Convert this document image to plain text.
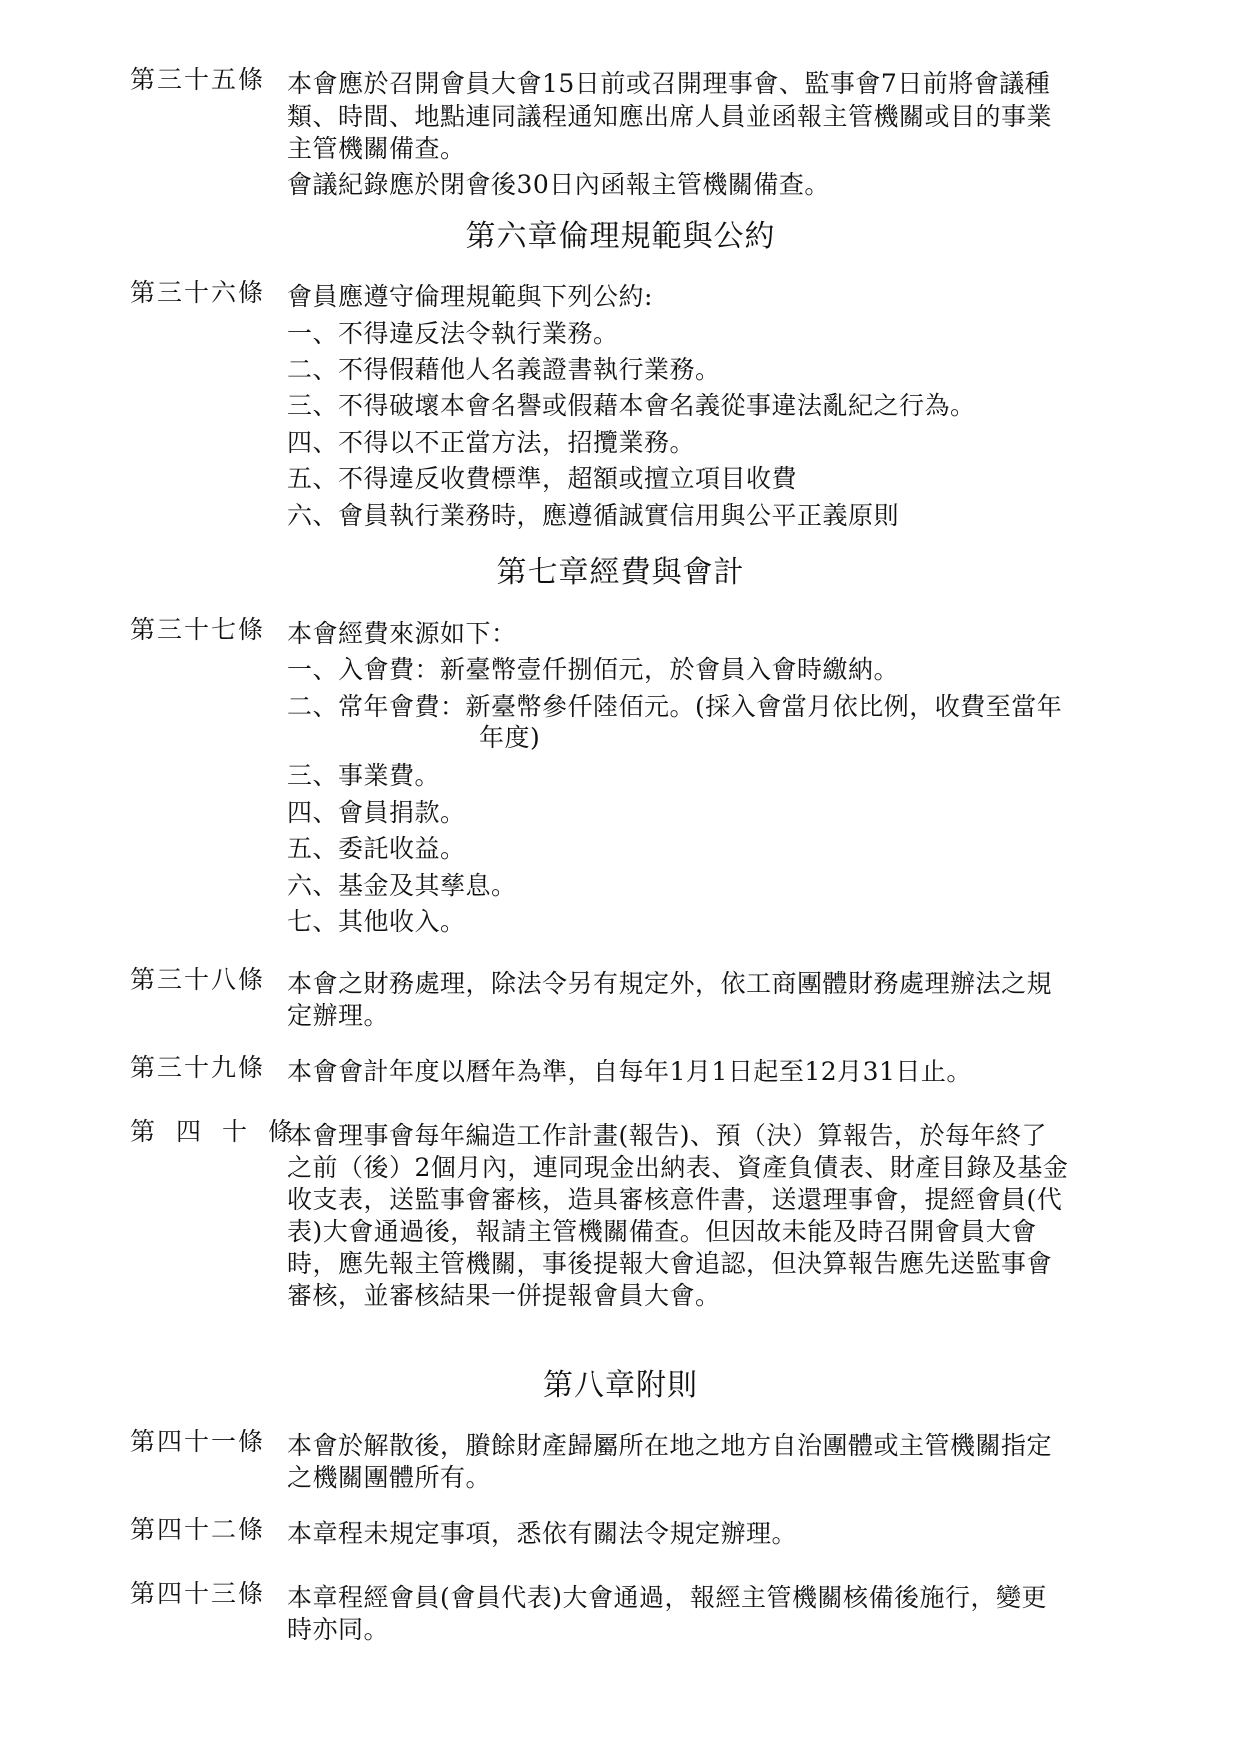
第三十五條 本會應於召開會員大會15日前或召開理事會、監事會7日前將會議種
類、時間、地點連同議程通知應出席人員並函報主管機關或目的事業
主管機關備查。
會議紀錄應於閉會後30日內函報主管機關備查。
第六章倫理規範與公約
第三十六條 會員應遵守倫理規範與下列公約:
一、不得違反法令執行業務。
二、不得假藉他人名義證書執行業務。
三、不得破壞本會名譽或假藉本會名義從事違法亂紀之行為。
四、不得以不正當方法，招攬業務。
五、不得違反收費標準，超額或擅立項目收費
六、會員執行業務時，應遵循誠實信用與公平正義原則
第七章經費與會計
第三十七條 本會經費來源如下：
一、入會費：新臺幣壹仟捌佰元，於會員入會時繳納。
二、常年會費：新臺幣參仟陸佰元。(採入會當月依比例，收費至當年
年度)
三、事業費。
四、會員捐款。
五、委託收益。
六、基金及其孳息。
七、其他收入。
第三十八條 本會之財務處理，除法令另有規定外，依工商團體財務處理辦法之規
定辦理。
第三十九條 本會會計年度以曆年為準，自每年1月1日起至12月31日止。
第四十條
本會理事會每年編造工作計畫(報告)、預（決）算報告，於每年終了
之前（後）2個月內，連同現金出納表、資產負債表、財產目錄及基金
收支表，送監事會審核，造具審核意件書，送還理事會，提經會員(代
表)大會通過後，報請主管機關備查。但因故未能及時召開會員大會
時，應先報主管機關，事後提報大會追認，但決算報告應先送監事會
審核，並審核結果一併提報會員大會。
第八章附則
第四十一條 本會於解散後，賸餘財產歸屬所在地之地方自治團體或主管機關指定
之機關團體所有。
第四十二條 本章程未規定事項，悉依有關法令規定辦理。
第四十三條 本章程經會員(會員代表)大會通過，報經主管機關核備後施行，變更
時亦同。
